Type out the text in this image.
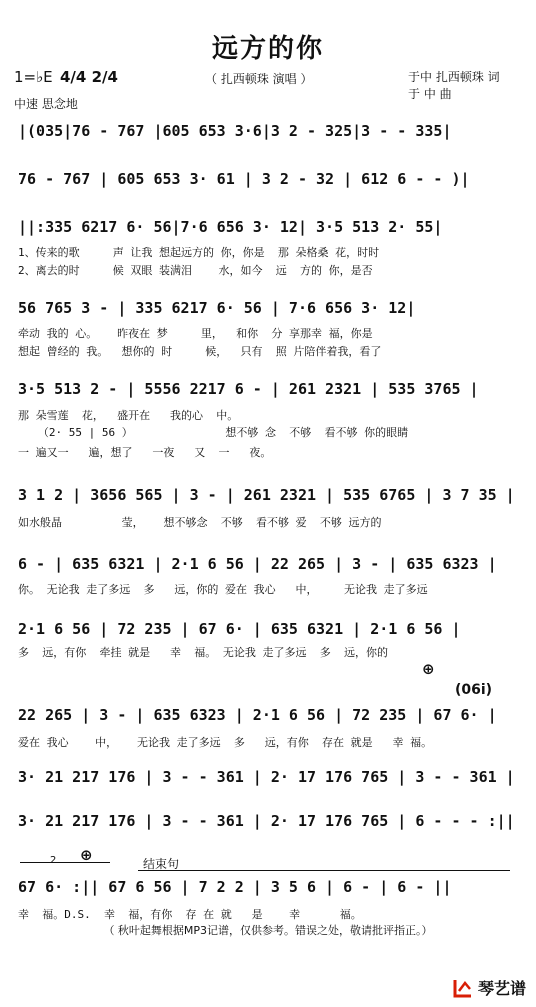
远方的你
1=♭E 4/4 2/4
中速 思念地
（ 扎西顿珠 演唱 ）	于中 扎西顿珠 词
于 中 曲
|(035|76 - 767 |605 653 3·6|3 2 - 325|3 - - 335|
76 - 767 | 605 653 3· 61 | 3 2 - 32 | 612 6 - - )|
||:335 6217 6· 56|7·6 656 3· 12| 3·5 513 2· 55|
1、传来的歌     声 让我 想起远方的 你，你是  那 朵格桑 花，时时
2、离去的时     候 双眼 装满泪    水，如今  远  方的 你，是否
56 765 3 - | 335 6217 6· 56 | 7·6 656 3· 12|
牵动 我的 心。   昨夜在 梦     里，  和你  分 享那幸 福，你是
想起 曾经的 我。  想你的 时     候，  只有  照 片陪伴着我，看了
3·5 513 2 - | 5556 2217 6 - | 261 2321 | 535 3765 |
那 朵雪莲  花，  盛开在   我的心  中。
（2· 55 | 56 ）              想不够 念  不够  看不够 你的眼睛
一 遍又一   遍，想了   一夜   又  一   夜。
3 1 2 | 3656 565 | 3 - | 261 2321 | 535 6765 | 3 7 35 |
如水般晶         莹，   想不够念  不够  看不够 爱  不够 远方的
6 - | 635 6321 | 2·1 6 56 | 22 265 | 3 - | 635 6323 |
你。 无论我 走了多远  多   远，你的 爱在 我心   中，    无论我 走了多远
2·1 6 56 | 72 235 | 67 6· | 635 6321 | 2·1 6 56 |
多  远，有你  牵挂 就是   幸  福。 无论我 走了多远  多  远，你的
⊕
(06i)
22 265 | 3 - | 635 6323 | 2·1 6 56 | 72 235 | 67 6· |
爱在 我心    中，   无论我 走了多远  多   远，有你  存在 就是   幸 福。
3· 21 217 176 | 3 - - 361 | 2· 17 176 765 | 3 - - 361 |
3· 21 217 176 | 3 - - 361 | 2· 17 176 765 | 6 - - - :||
2 ⊕	结束句
67 6· :|| 67 6 56 | 7 2 2 | 3 5 6 | 6 - | 6 - ||
幸  福。D.S.  幸  福，有你  存 在 就   是    幸      福。
（ 秋叶起舞根据MP3记谱，仅供参考。错误之处，敬请批评指正。）
琴艺谱
